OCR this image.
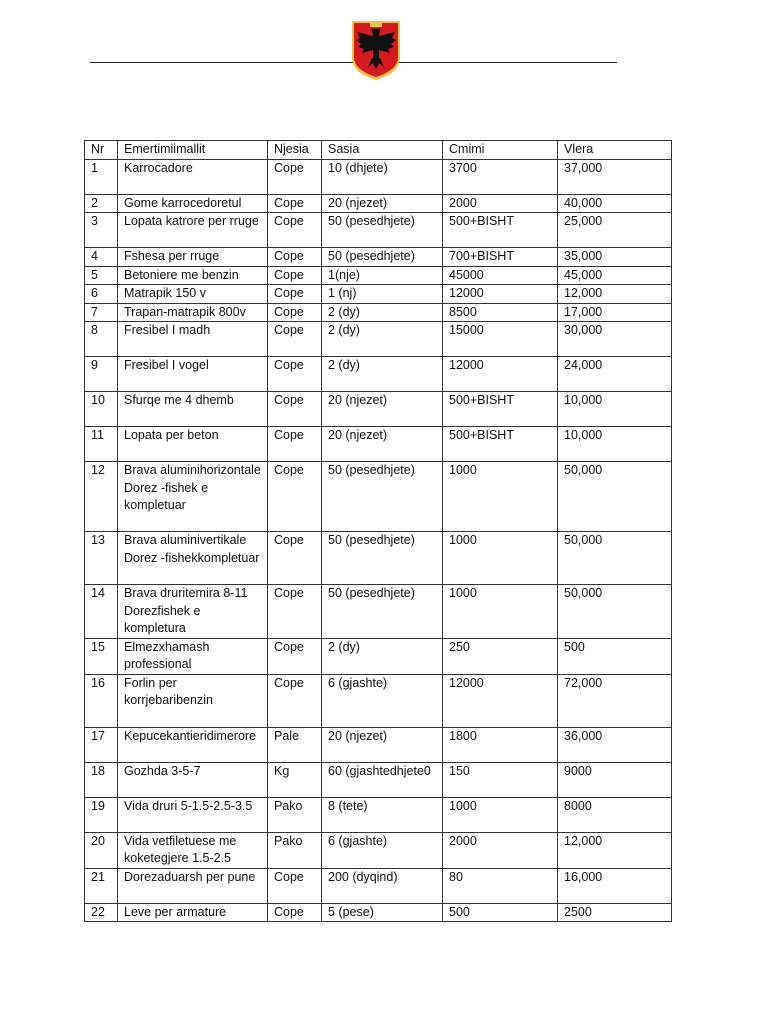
Nr	Emertimiimallit	Njesia	Sasia	Cmimi	Vlera
1	Karrocadore	Cope	10 (dhjete)	3700	37,000
2	Gome karrocedoretul	Cope	20 (njezet)	2000	40,000
3	Lopata katrore per rruge	Cope	50 (pesedhjete)	500+BISHT	25,000
4	Fshesa per rruge	Cope	50 (pesedhjete)	700+BISHT	35,000
5	Betoniere me benzin	Cope	1(nje)	45000	45,000
6	Matrapik 150 v	Cope	1 (nj)	12000	12,000
7	Trapan-matrapik 800v	Cope	2 (dy)	8500	17,000
8	Fresibel I madh	Cope	2 (dy)	15000	30,000
9	Fresibel I vogel	Cope	2 (dy)	12000	24,000
10	Sfurqe me 4 dhemb	Cope	20 (njezet)	500+BISHT	10,000
11	Lopata per beton	Cope	20 (njezet)	500+BISHT	10,000
12	Brava aluminihorizontale Dorez -fishek e kompletuar	Cope	50 (pesedhjete)	1000	50,000
13	Brava aluminivertikale Dorez -fishekkompletuar	Cope	50 (pesedhjete)	1000	50,000
14	Brava druritemira 8-11 Dorezfishek e kompletura	Cope	50 (pesedhjete)	1000	50,000
15	Elmezxhamash professional	Cope	2 (dy)	250	500
16	Forlin per korrjebaribenzin	Cope	6 (gjashte)	12000	72,000
17	Kepucekantieridimerore	Pale	20 (njezet)	1800	36,000
18	Gozhda 3-5-7	Kg	60 (gjashtedhjete0	150	9000
19	Vida druri 5-1.5-2.5-3.5	Pako	8 (tete)	1000	8000
20	Vida vetfiletuese me koketegjere 1.5-2.5	Pako	6 (gjashte)	2000	12,000
21	Dorezaduarsh per pune	Cope	200 (dyqind)	80	16,000
22	Leve per armature	Cope	5 (pese)	500	2500
